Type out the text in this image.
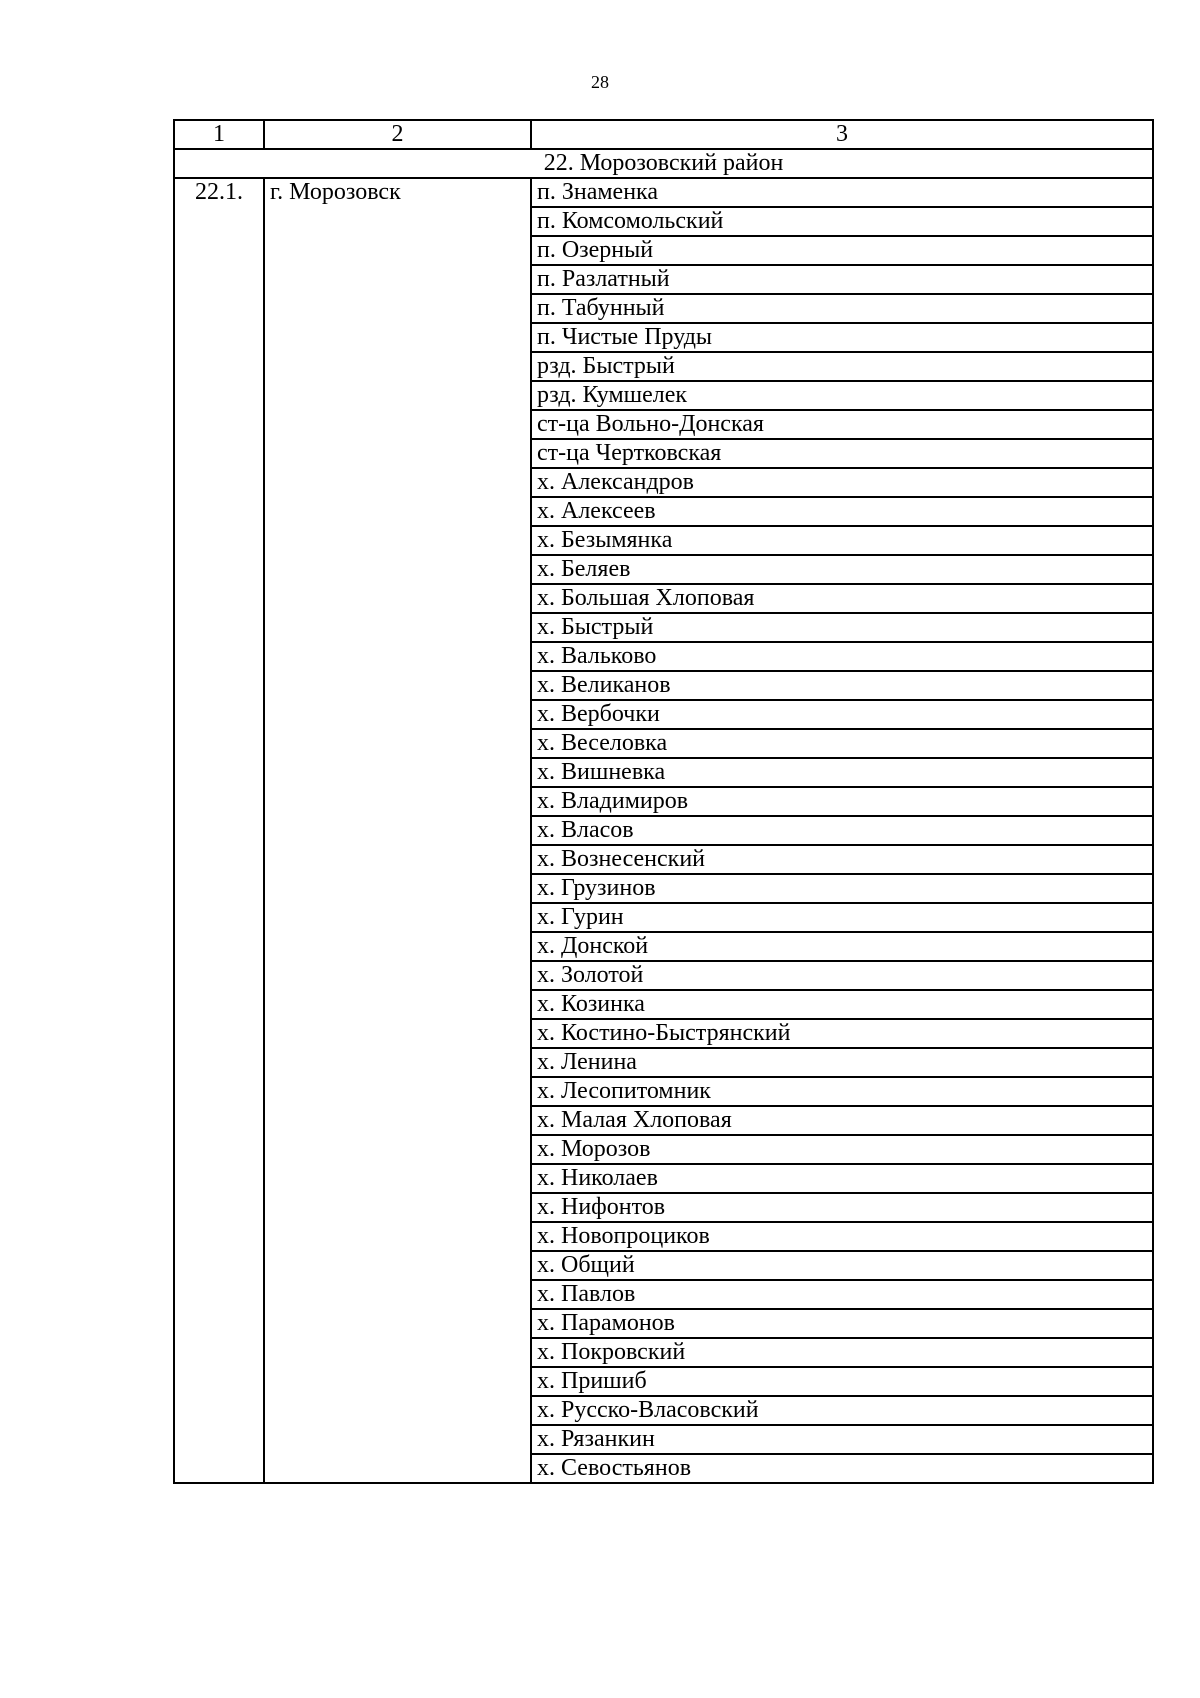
28
1	2	3
22. Морозовский район		
22.1.	г. Морозовск	п. Знаменка
		п. Комсомольский
		п. Озерный
		п. Разлатный
		п. Табунный
		п. Чистые Пруды
		рзд. Быстрый
		рзд. Кумшелек
		ст-ца Вольно-Донская
		ст-ца Чертковская
		х. Александров
		х. Алексеев
		х. Безымянка
		х. Беляев
		х. Большая Хлоповая
		х. Быстрый
		х. Вальково
		х. Великанов
		х. Вербочки
		х. Веселовка
		х. Вишневка
		х. Владимиров
		х. Власов
		х. Вознесенский
		х. Грузинов
		х. Гурин
		х. Донской
		х. Золотой
		х. Козинка
		х. Костино-Быстрянский
		х. Ленина
		х. Лесопитомник
		х. Малая Хлоповая
		х. Морозов
		х. Николаев
		х. Нифонтов
		х. Новопроциков
		х. Общий
		х. Павлов
		х. Парамонов
		х. Покровский
		х. Пришиб
		х. Русско-Власовский
		х. Рязанкин
		х. Севостьянов
